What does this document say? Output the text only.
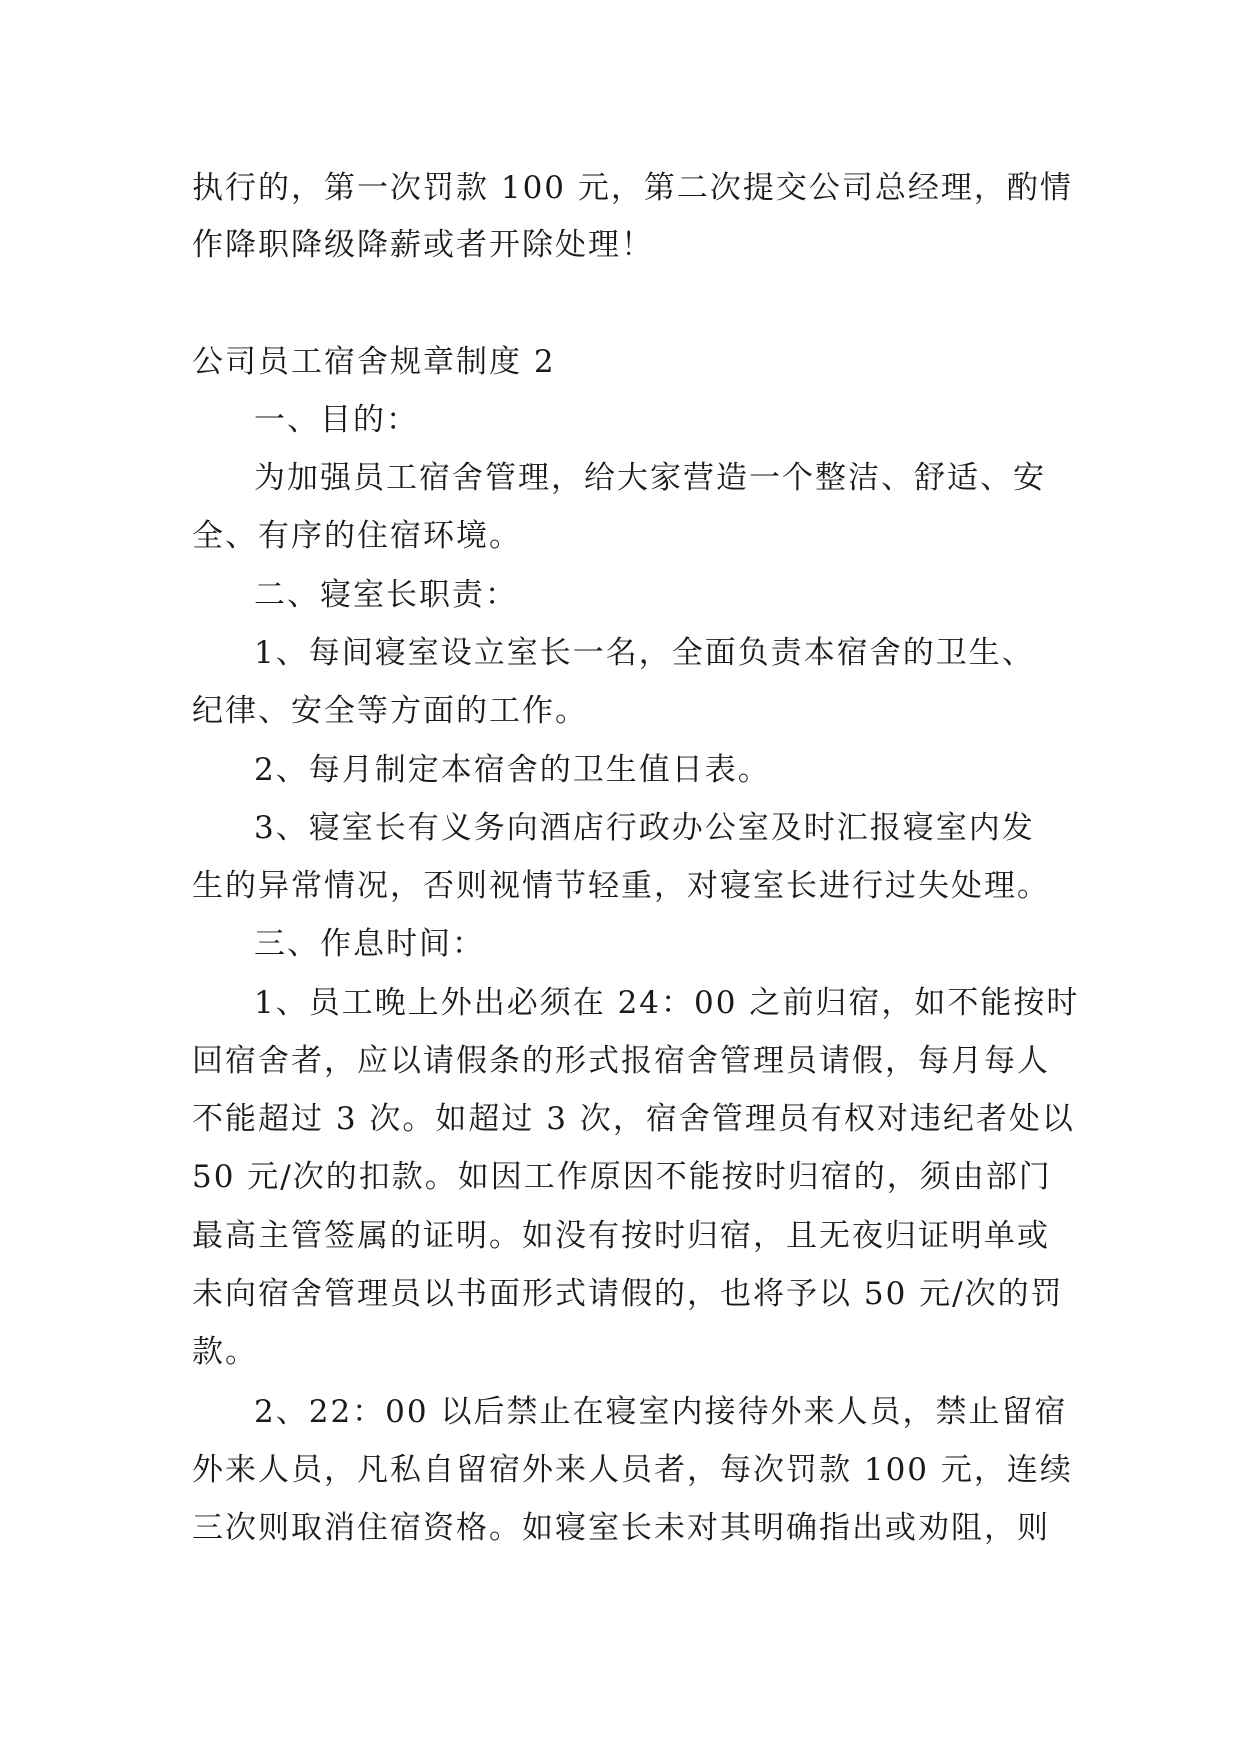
执行的，第一次罚款 100 元，第二次提交公司总经理，酌情
作降职降级降薪或者开除处理！
公司员工宿舍规章制度 2
一、目的：
为加强员工宿舍管理，给大家营造一个整洁、舒适、安
全、有序的住宿环境。
二、寝室长职责：
1、每间寝室设立室长一名，全面负责本宿舍的卫生、
纪律、安全等方面的工作。
2、每月制定本宿舍的卫生值日表。
3、寝室长有义务向酒店行政办公室及时汇报寝室内发
生的异常情况，否则视情节轻重，对寝室长进行过失处理。
三、作息时间：
1、员工晚上外出必须在 24：00 之前归宿，如不能按时
回宿舍者，应以请假条的形式报宿舍管理员请假，每月每人
不能超过 3 次。如超过 3 次，宿舍管理员有权对违纪者处以
50 元/次的扣款。如因工作原因不能按时归宿的，须由部门
最高主管签属的证明。如没有按时归宿，且无夜归证明单或
未向宿舍管理员以书面形式请假的，也将予以 50 元/次的罚
款。
2、22：00 以后禁止在寝室内接待外来人员，禁止留宿
外来人员，凡私自留宿外来人员者，每次罚款 100 元，连续
三次则取消住宿资格。如寝室长未对其明确指出或劝阻，则
